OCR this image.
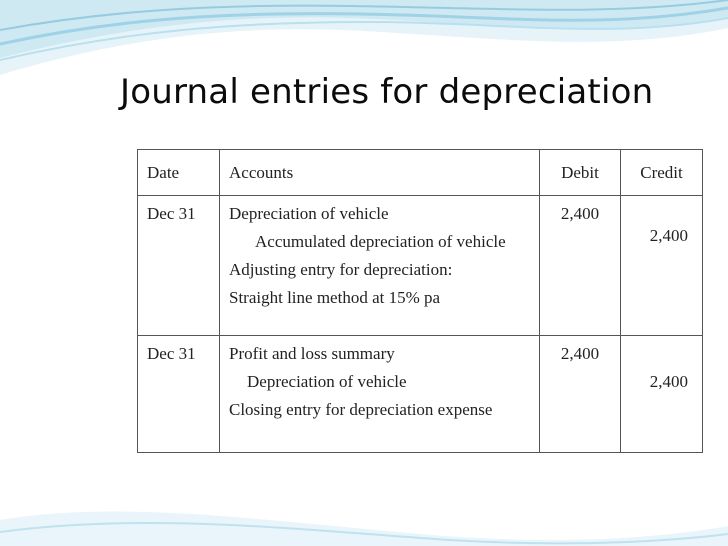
Journal entries for depreciation
Date	Accounts	Debit	Credit

Dec 31	Depreciation of vehicle

Accumulated depreciation of vehicle

Adjusting entry for depreciation:

Straight line method at 15% pa	2,400	2,400

Dec 31	Profit and loss summary

Depreciation of vehicle

Closing entry for depreciation expense	2,400	2,400
